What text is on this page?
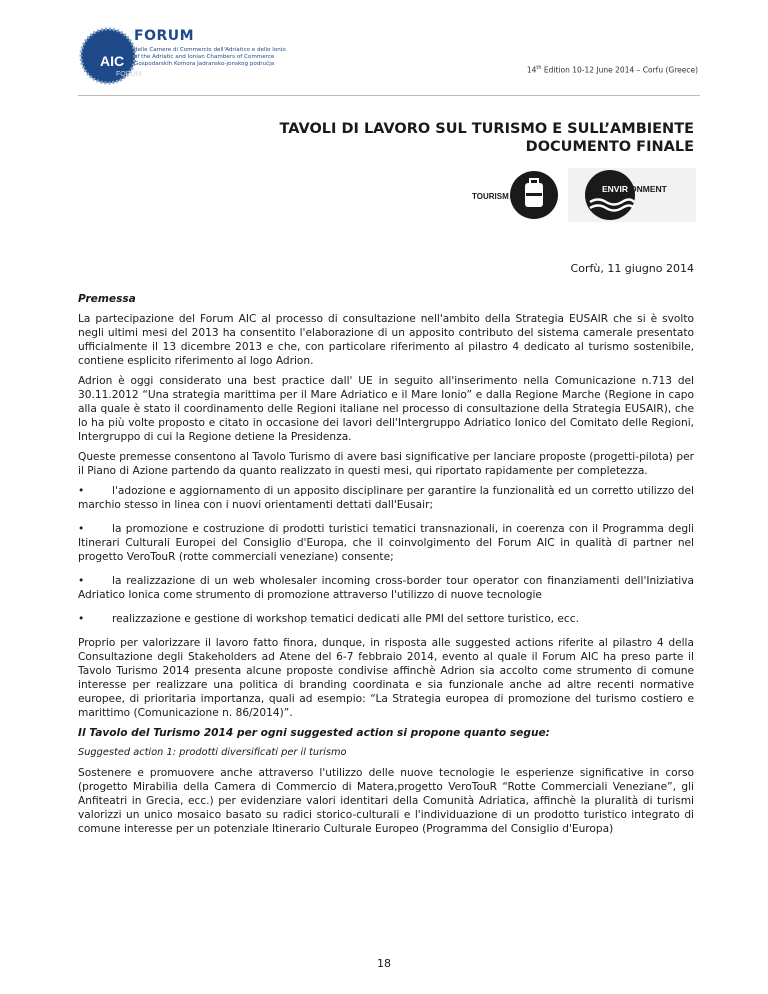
AIC
FORUM
FORUM
delle Camere di Commercio dell'Adriatico e dello Ionio
of the Adriatic and Ionian Chambers of Commerce
Gospodarskih Komora Jadransko-jonskog područja
14th Edition 10-12 June 2014 – Corfu (Greece)
TAVOLI DI LAVORO SUL TURISMO E SULL’AMBIENTE
DOCUMENTO FINALE
TOURISM
ENVIR ONMENT
Corfù, 11 giugno 2014

Premessa

La partecipazione del Forum AIC al processo di consultazione nell'ambito della Strategia EUSAIR che si è svolto negli ultimi mesi del 2013 ha consentito l'elaborazione di un apposito contributo del sistema camerale presentato ufficialmente il 13 dicembre 2013 e che, con particolare riferimento al pilastro 4 dedicato al turismo sostenibile, contiene esplicito riferimento al logo Adrion.

Adrion è oggi considerato una best practice dall' UE in seguito all'inserimento nella Comunicazione n.713 del 30.11.2012 “Una strategia marittima per il Mare Adriatico e il Mare Ionio” e dalla Regione Marche (Regione in capo alla quale è stato il coordinamento delle Regioni italiane nel processo di consultazione della Strategia EUSAIR), che lo ha più volte proposto e citato in occasione dei lavori dell'Intergruppo Adriatico Ionico del Comitato delle Regioni, Intergruppo di cui la Regione detiene la Presidenza.

Queste premesse consentono al Tavolo Turismo di avere basi significative per lanciare proposte (progetti-pilota) per il Piano di Azione partendo da quanto realizzato in questi mesi, qui riportato rapidamente per completezza.

•	l'adozione e aggiornamento di un apposito disciplinare per garantire la funzionalità ed un corretto utilizzo del marchio stesso in linea con i nuovi orientamenti dettati dall'Eusair;
•	la promozione e costruzione di prodotti turistici tematici transnazionali, in coerenza con il Programma degli Itinerari Culturali Europei del Consiglio d'Europa, che il coinvolgimento del Forum AIC in qualità di partner nel progetto VeroTouR (rotte commerciali veneziane) consente;
•	la realizzazione di un web wholesaler incoming cross-border tour operator con finanziamenti dell'Iniziativa Adriatico Ionica come strumento di promozione attraverso l'utilizzo di nuove tecnologie
•	realizzazione e gestione di workshop tematici dedicati alle PMI del settore turistico, ecc.

Proprio per valorizzare il lavoro fatto finora, dunque, in risposta alle suggested actions riferite al pilastro 4 della Consultazione degli Stakeholders ad Atene del 6-7 febbraio 2014, evento al quale il Forum AIC ha preso parte il Tavolo Turismo 2014 presenta alcune proposte condivise affinchè Adrion sia accolto come strumento di comune interesse per realizzare una politica di branding coordinata e sia funzionale anche ad altre recenti normative europee, di prioritaria importanza, quali ad esempio: “La Strategia europea di promozione del turismo costiero e marittimo (Comunicazione n. 86/2014)”.

Il Tavolo del Turismo 2014 per ogni suggested action si propone quanto segue:

Suggested action 1: prodotti diversificati per il turismo

Sostenere e promuovere anche attraverso l'utilizzo delle nuove tecnologie le esperienze significative in corso (progetto Mirabilia della Camera di Commercio di Matera,progetto VeroTouR “Rotte Commerciali Veneziane”, gli Anfiteatri in Grecia, ecc.) per evidenziare valori identitari della Comunità Adriatica, affinchè la pluralità di turismi valorizzi un unico mosaico basato su radici storico-culturali e l'individuazione di un prodotto turistico integrato di comune interesse per un potenziale Itinerario Culturale Europeo (Programma del Consiglio d'Europa)

18
